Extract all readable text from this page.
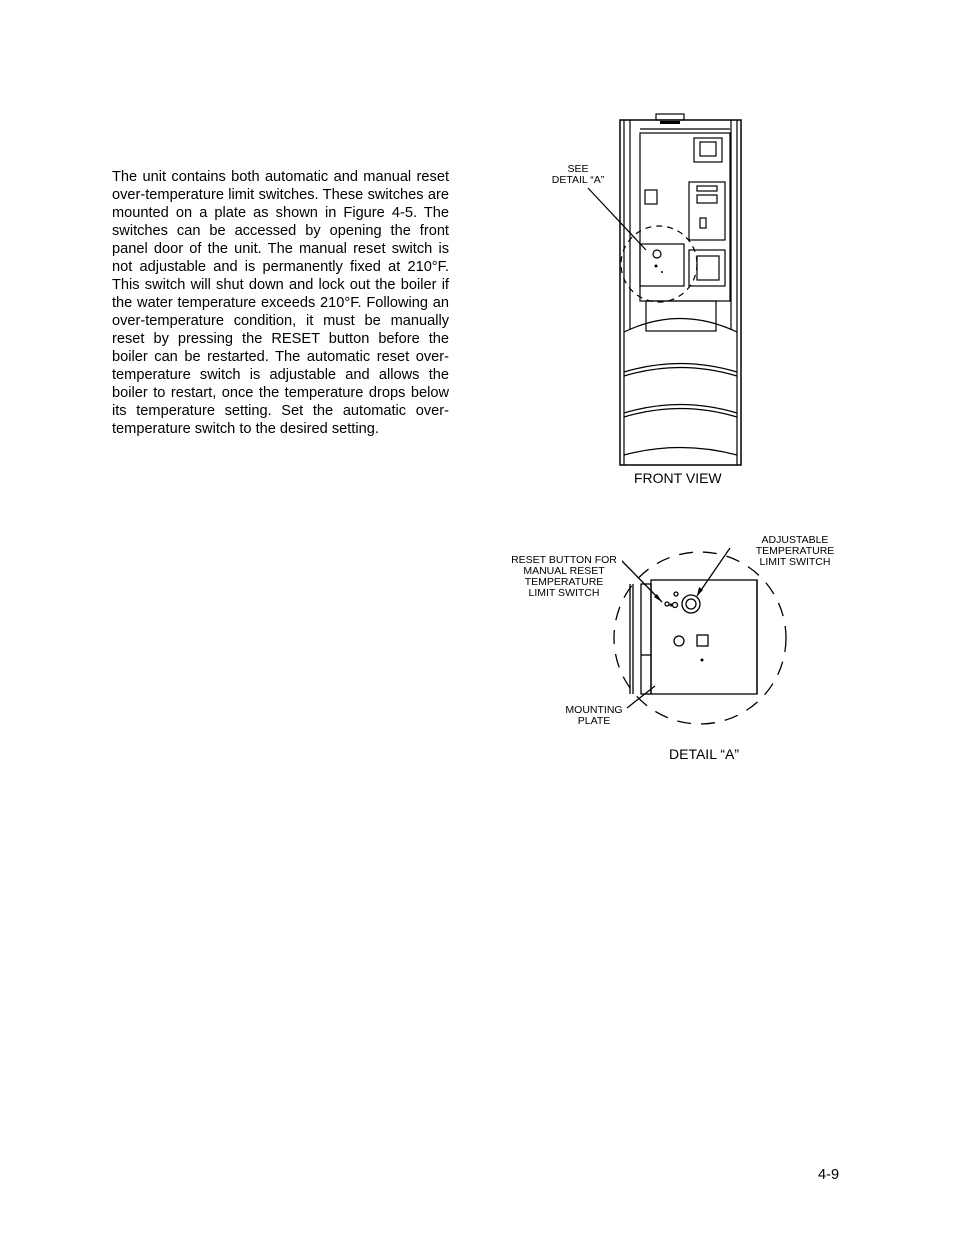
The unit contains both automatic and manual reset over-temperature limit switches. These switches are mounted on a plate as shown in Figure 4-5. The switches can be accessed by opening the front panel door of the unit. The manual reset switch is not adjustable and is permanently fixed at 210°F. This switch will shut down and lock out the boiler if the water temperature exceeds 210°F. Following an over-temperature condition, it must be manually reset by pressing the RESET button before the boiler can be restarted. The automatic reset over-temperature switch is adjustable and allows the boiler to restart, once the temperature drops below its temperature setting. Set the automatic over-temperature switch to the desired setting.
SEE
DETAIL “A”
FRONT VIEW
RESET BUTTON FOR
MANUAL RESET
TEMPERATURE
LIMIT SWITCH
ADJUSTABLE
TEMPERATURE
LIMIT SWITCH
MOUNTING
PLATE
DETAIL “A”
4-9
